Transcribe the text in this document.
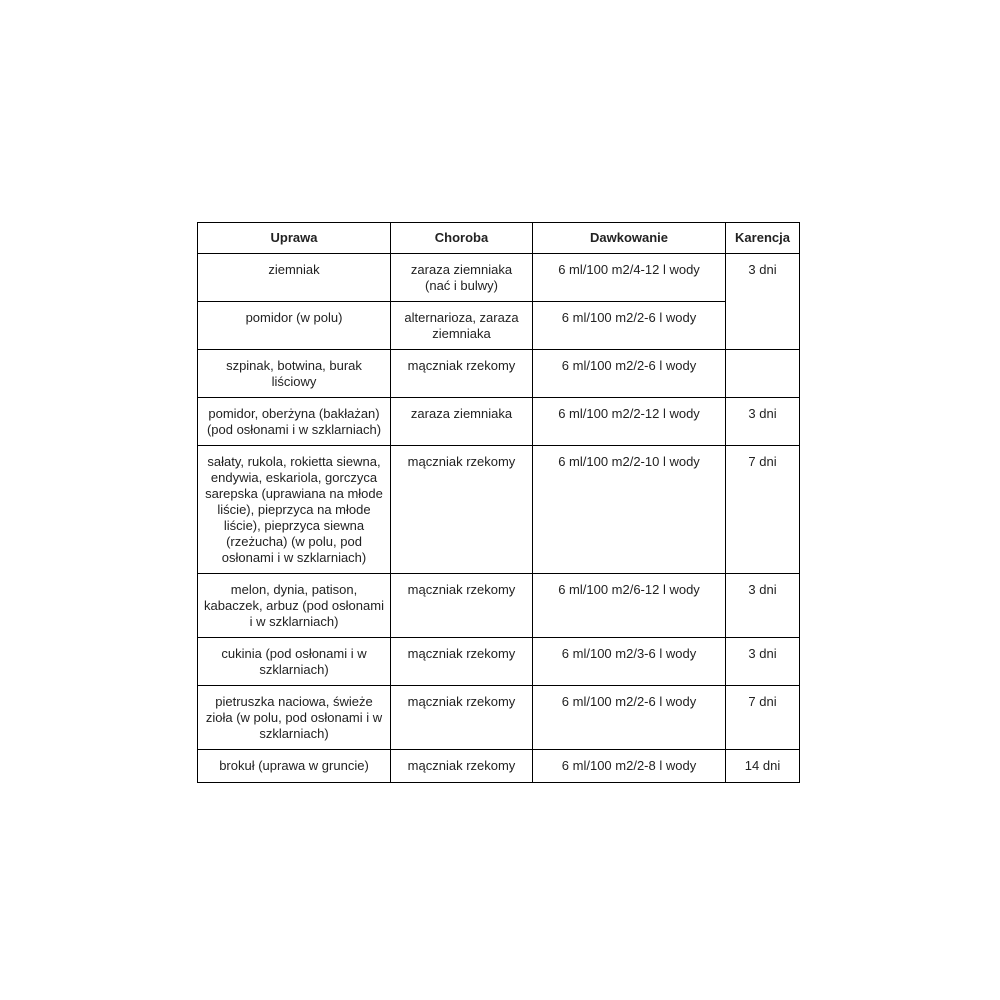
Uprawa	Choroba	Dawkowanie	Karencja
ziemniak	zaraza ziemniaka (nać i bulwy)	6 ml/100 m2/4-12 l wody	3 dni
pomidor (w polu)	alternarioza, zaraza ziemniaka	6 ml/100 m2/2-6 l wody	
szpinak, botwina, burak liściowy	mączniak rzekomy	6 ml/100 m2/2-6 l wody	
pomidor, oberżyna (bakłażan) (pod osłonami i w szklarniach)	zaraza ziemniaka	6 ml/100 m2/2-12 l wody	3 dni
sałaty, rukola, rokietta siewna, endywia, eskariola, gorczyca sarepska (uprawiana na młode liście), pieprzyca na młode liście), pieprzyca siewna (rzeżucha) (w polu, pod osłonami i w szklarniach)	mączniak rzekomy	6 ml/100 m2/2-10 l wody	7 dni
melon, dynia, patison, kabaczek, arbuz (pod osłonami i w szklarniach)	mączniak rzekomy	6 ml/100 m2/6-12 l wody	3 dni
cukinia (pod osłonami i w szklarniach)	mączniak rzekomy	6 ml/100 m2/3-6 l wody	3 dni
pietruszka naciowa, świeże zioła (w polu, pod osłonami i w szklarniach)	mączniak rzekomy	6 ml/100 m2/2-6 l wody	7 dni
brokuł (uprawa w gruncie)	mączniak rzekomy	6 ml/100 m2/2-8 l wody	14 dni
